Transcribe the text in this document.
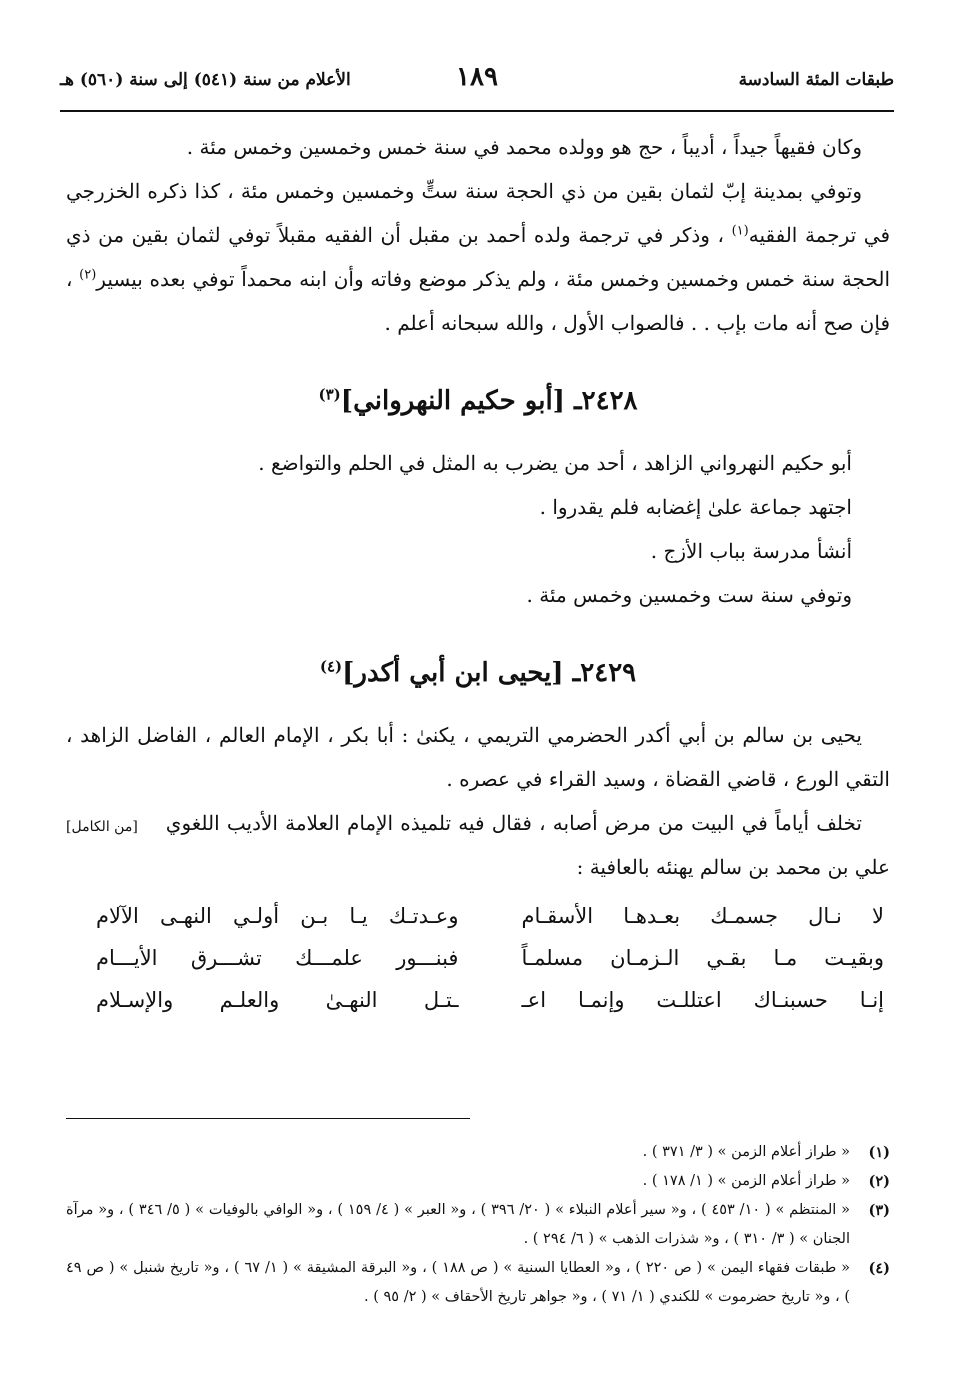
طبقات المئة السادسة
١٨٩
الأعلام من سنة (٥٤١) إلى سنة (٥٦٠) هـ

وكان فقيهاً جيداً ، أديباً ، حج هو وولده محمد في سنة خمس وخمسين وخمس مئة .

وتوفي بمدينة إبّ لثمان بقين من ذي الحجة سنة ستٍّ وخمسين وخمس مئة ، كذا ذكره الخزرجي في ترجمة الفقيه$^{(١)}$ ، وذكر في ترجمة ولده أحمد بن مقبل أن الفقيه مقبلاً توفي لثمان بقين من ذي الحجة سنة خمس وخمسين وخمس مئة ، ولم يذكر موضع وفاته وأن ابنه محمداً توفي بعده بيسير$^{(٢)}$ ، فإن صح أنه مات بإب . . فالصواب الأول ، والله سبحانه أعلم .

٢٤٢٨ـ [أبو حكيم النهرواني]$^{(٣)}$

أبو حكيم النهرواني الزاهد ، أحد من يضرب به المثل في الحلم والتواضع .

اجتهد جماعة علىٰ إغضابه فلم يقدروا .

أنشأ مدرسة بباب الأزج .

وتوفي سنة ست وخمسين وخمس مئة .

٢٤٢٩ـ [يحيى ابن أبي أكدر]$^{(٤)}$

يحيى بن سالم بن أبي أكدر الحضرمي التريمي ، يكنىٰ : أبا بكر ، الإمام العالم ، الفاضل الزاهد ، التقي الورع ، قاضي القضاة ، وسيد القراء في عصره .

[من الكامل]	تخلف أياماً في البيت من مرض أصابه ، فقال فيه تلميذه الإمام العلامة الأديب اللغوي علي بن محمد بن سالم يهنئه بالعافية :

لا نـال جسمـك بعـدهـا الأسقـام
وعـدتـك يـا بـن أولـي النهـى الآلام
وبقيـت مـا بقـي الـزمـان مسلمـاً
فبنـــور علمـــك تشـــرق الأيـــام
إنـا حسبنـاك اعتللـت وإنمـا اعـ
ـتـل النهـىٰ والعلـم والإسـلام
(١)
« طراز أعلام الزمن » ( ٣/ ٣٧١ ) .
(٢)
« طراز أعلام الزمن » ( ١/ ١٧٨ ) .
(٣)
« المنتظم » ( ١٠/ ٤٥٣ ) ، و« سير أعلام النبلاء » ( ٢٠/ ٣٩٦ ) ، و« العبر » ( ٤/ ١٥٩ ) ، و« الوافي بالوفيات » ( ٥/ ٣٤٦ ) ، و« مرآة الجنان » ( ٣/ ٣١٠ ) ، و« شذرات الذهب » ( ٦/ ٢٩٤ ) .
(٤)
« طبقات فقهاء اليمن » ( ص ٢٢٠ ) ، و« العطايا السنية » ( ص ١٨٨ ) ، و« البرقة المشيقة » ( ١/ ٦٧ ) ، و« تاريخ شنبل » ( ص ٤٩ ) ، و« تاريخ حضرموت » للكندي ( ١/ ٧١ ) ، و« جواهر تاريخ الأحقاف » ( ٢/ ٩٥ ) .
